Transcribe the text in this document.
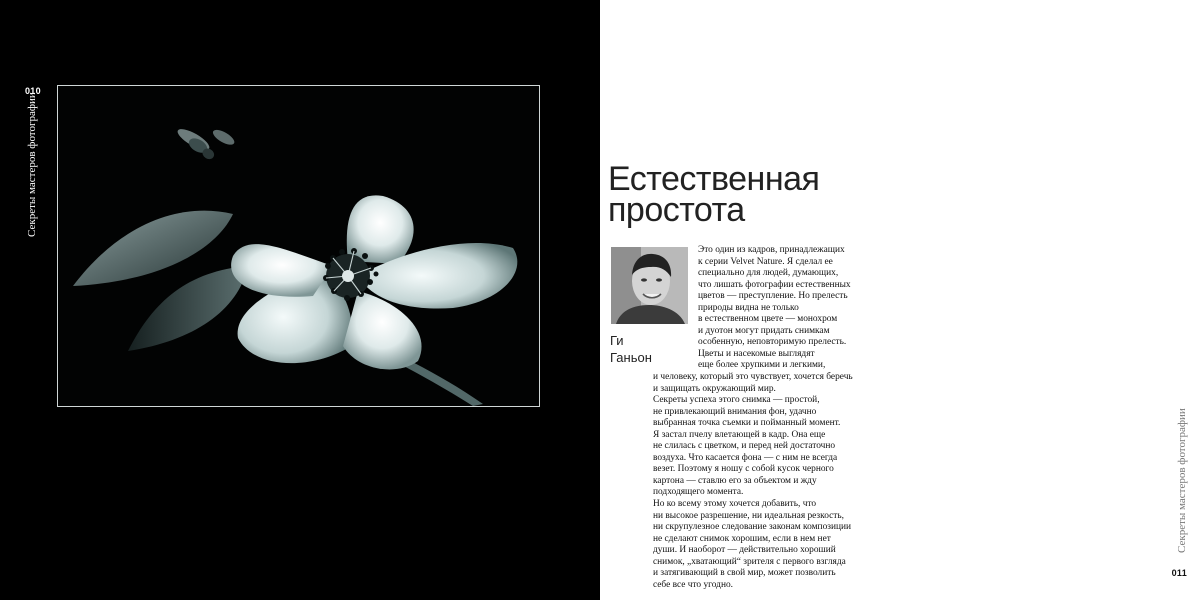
010
Секреты мастеров фотографии	Естественная
простота
Ги
Ганьон
Это один из кадров, принадлежащих
к серии Velvet Nature. Я сделал ее
специально для людей, думающих,
что лишать фотографии естественных
цветов — преступление. Но прелесть
природы видна не только
в естественном цвете — монохром
и дуотон могут придать снимкам
особенную, неповторимую прелесть.
Цветы и насекомые выглядят
еще более хрупкими и легкими,
и человеку, который это чувствует, хочется беречь
и защищать окружающий мир.
Секреты успеха этого снимка — простой,
не привлекающий внимания фон, удачно
выбранная точка съемки и пойманный момент.
Я застал пчелу влетающей в кадр. Она еще
не слилась с цветком, и перед ней достаточно
воздуха. Что касается фона — с ним не всегда
везет. Поэтому я ношу с собой кусок черного
картона — ставлю его за объектом и жду
подходящего момента.
Но ко всему этому хочется добавить, что
ни высокое разрешение, ни идеальная резкость,
ни скрупулезное следование законам композиции
не сделают снимок хорошим, если в нем нет
души. И наоборот — действительно хороший
снимок, „хватающий“ зрителя с первого взгляда
и затягивающий в свой мир, может позволить
себе все что угодно.
011
Секреты мастеров фотографии
